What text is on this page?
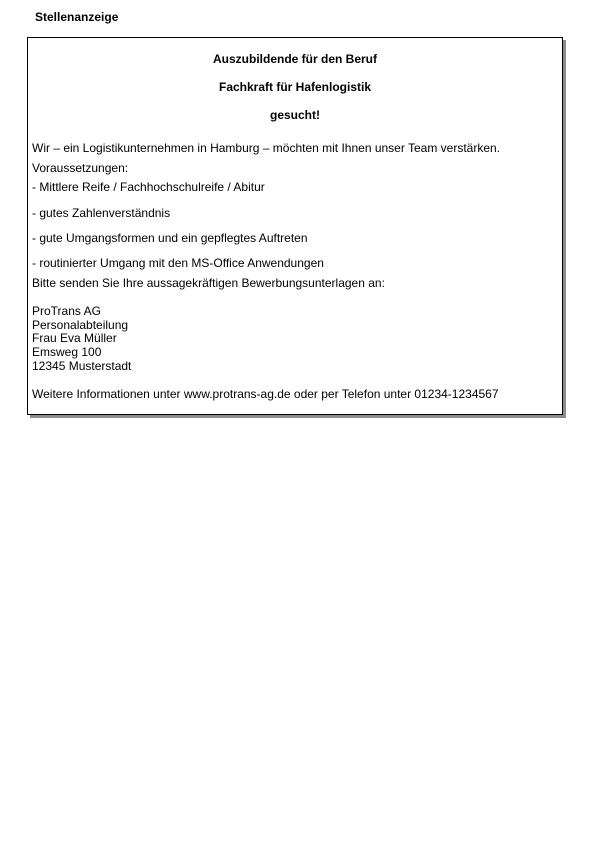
Stellenanzeige
Auszubildende für den Beruf
Fachkraft für Hafenlogistik
gesucht!
Wir – ein Logistikunternehmen in Hamburg – möchten mit Ihnen unser Team verstärken.
Voraussetzungen:
- Mittlere Reife / Fachhochschulreife / Abitur
- gutes Zahlenverständnis
- gute Umgangsformen und ein gepflegtes Auftreten
- routinierter Umgang mit den MS-Office Anwendungen
Bitte senden Sie Ihre aussagekräftigen Bewerbungsunterlagen an:
ProTrans AG
Personalabteilung
Frau Eva Müller
Emsweg 100
12345 Musterstadt
Weitere Informationen unter www.protrans-ag.de oder per Telefon unter 01234-1234567
